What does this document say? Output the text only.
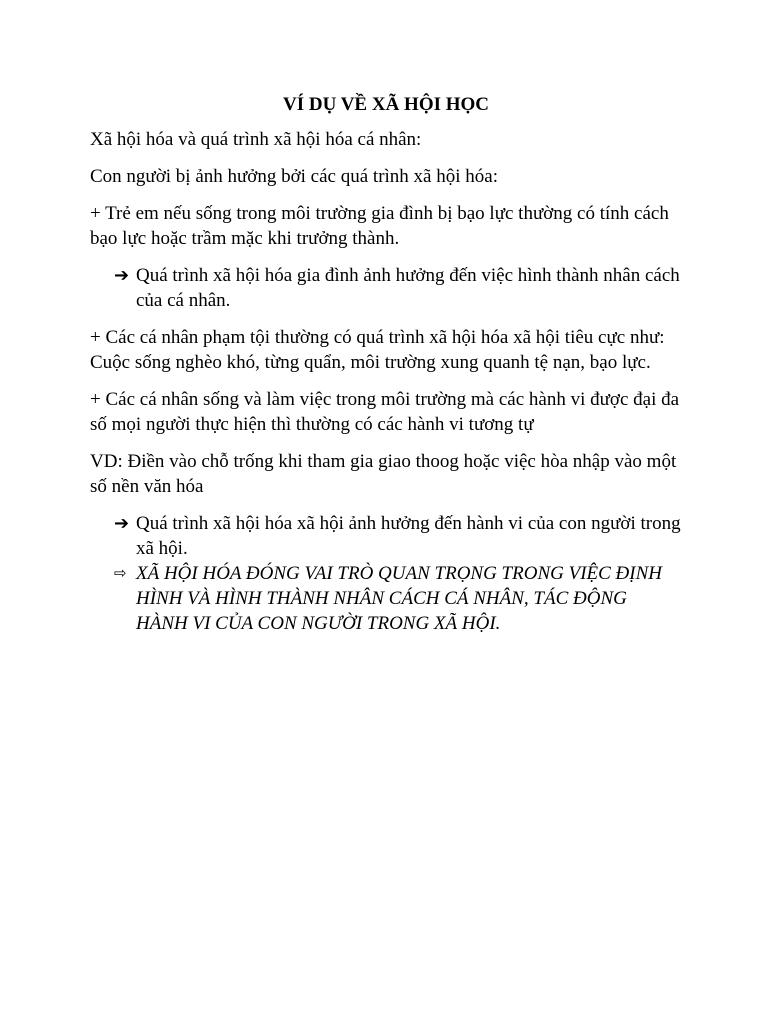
VÍ DỤ VỀ XÃ HỘI HỌC
Xã hội hóa và quá trình xã hội hóa cá nhân:
Con người bị ảnh hưởng bởi các quá trình xã hội hóa:
+ Trẻ em nếu sống trong môi trường gia đình bị bạo lực thường có tính cách bạo lực hoặc trầm mặc khi trưởng thành.
➔ Quá trình xã hội hóa gia đình ảnh hưởng đến việc hình thành nhân cách của cá nhân.
+ Các cá nhân phạm tội thường có quá trình xã hội hóa xã hội tiêu cực như: Cuộc sống nghèo khó, từng quẩn, môi trường xung quanh tệ nạn, bạo lực.
+ Các cá nhân sống và làm việc trong môi trường mà các hành vi được đại đa số mọi người thực hiện thì thường có các hành vi tương tự
VD: Điền vào chỗ trống khi tham gia giao thoog hoặc việc hòa nhập vào một số nền văn hóa
➔ Quá trình xã hội hóa xã hội ảnh hưởng đến hành vi của con người trong xã hội.
⇨ XÃ HỘI HÓA ĐÓNG VAI TRÒ QUAN TRỌNG TRONG VIỆC ĐỊNH HÌNH VÀ HÌNH THÀNH NHÂN CÁCH CÁ NHÂN, TÁC ĐỘNG HÀNH VI CỦA CON NGƯỜI TRONG XÃ HỘI.
